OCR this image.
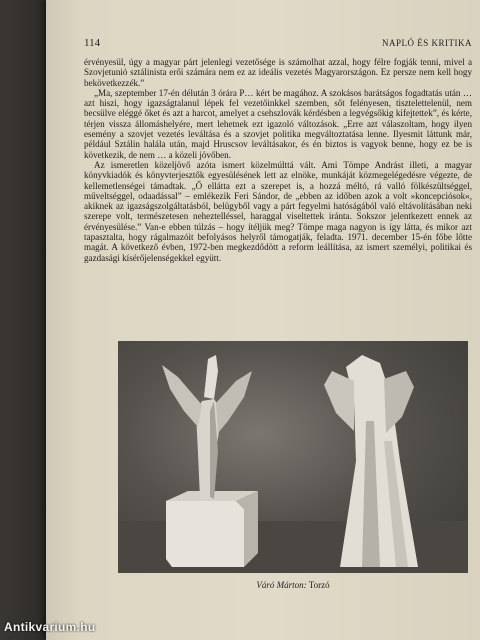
114	NAPLÓ ÉS KRITIKA

érvényesül, úgy a magyar párt jelenlegi vezetősége is számolhat azzal, hogy félre fogják tenni, mivel a Szovjetunió sztálinista erői számára nem ez az ideális vezetés Magyarországon. Ez persze nem kell hogy bekövetkezzék.”

„Ma, szeptember 17-én délután 3 órára P… kért be magához. A szokásos barátságos fogadtatás után … azt hiszi, hogy igazságtalanul lépek fel vezetőinkkel szemben, sőt felényesen, tisztelettelenül, nem becsülve eléggé őket és azt a harcot, amelyet a csehszlovák kérdésben a legvégsőkig kifejtettek”, és kérte, térjen vissza állomáshelyére, mert lehetnek ezt igazoló változások. „Erre azt válaszoltam, hogy ilyen esemény a szovjet vezetés leváltása és a szovjet politika megváltoztatása lenne. Ilyesmit láttunk már, például Sztálin halála után, majd Hruscsov leváltásakor, és én biztos is vagyok benne, hogy ez be is következik, de nem … a közeli jövőben.

Az ismeretlen közeljövő azóta ismert közelmúlttá vált. Ami Tömpe Andrást illeti, a magyar könyvkiadók és könyvterjesztők egyesülésének lett az elnöke, munkáját közmegelégedésre végezte, de kellemetlenségei támadtak. „Ő ellátta ezt a szerepet is, a hozzá méltó, rá valló fölkészültséggel, műveltséggel, odaadással” – emlékezik Feri Sándor, de „ebben az időben azok a volt »koncepciósok«, akiknek az igazságszolgáltatásból, belügyből vagy a párt fegyelmi hatóságából való eltávolításában neki szerepe volt, természetesen neheztelléssel, haraggal viseltettek iránta. Sokszor jelentkezett ennek az érvényesülése.” Van-e ebben túlzás – hogy ítéljük meg? Tömpe maga nagyon is így látta, és mikor azt tapasztalta, hogy rágalmazóit befolyásos helyről támogatják, feladta. 1971. december 15-én főbe lőtte magát. A következő évben, 1972-ben megkezdődött a reform leállítása, az ismert személyi, politikai és gazdasági kísérőjelenségekkel együtt.

Váró Márton: Torzó
Antikvarium.hu
